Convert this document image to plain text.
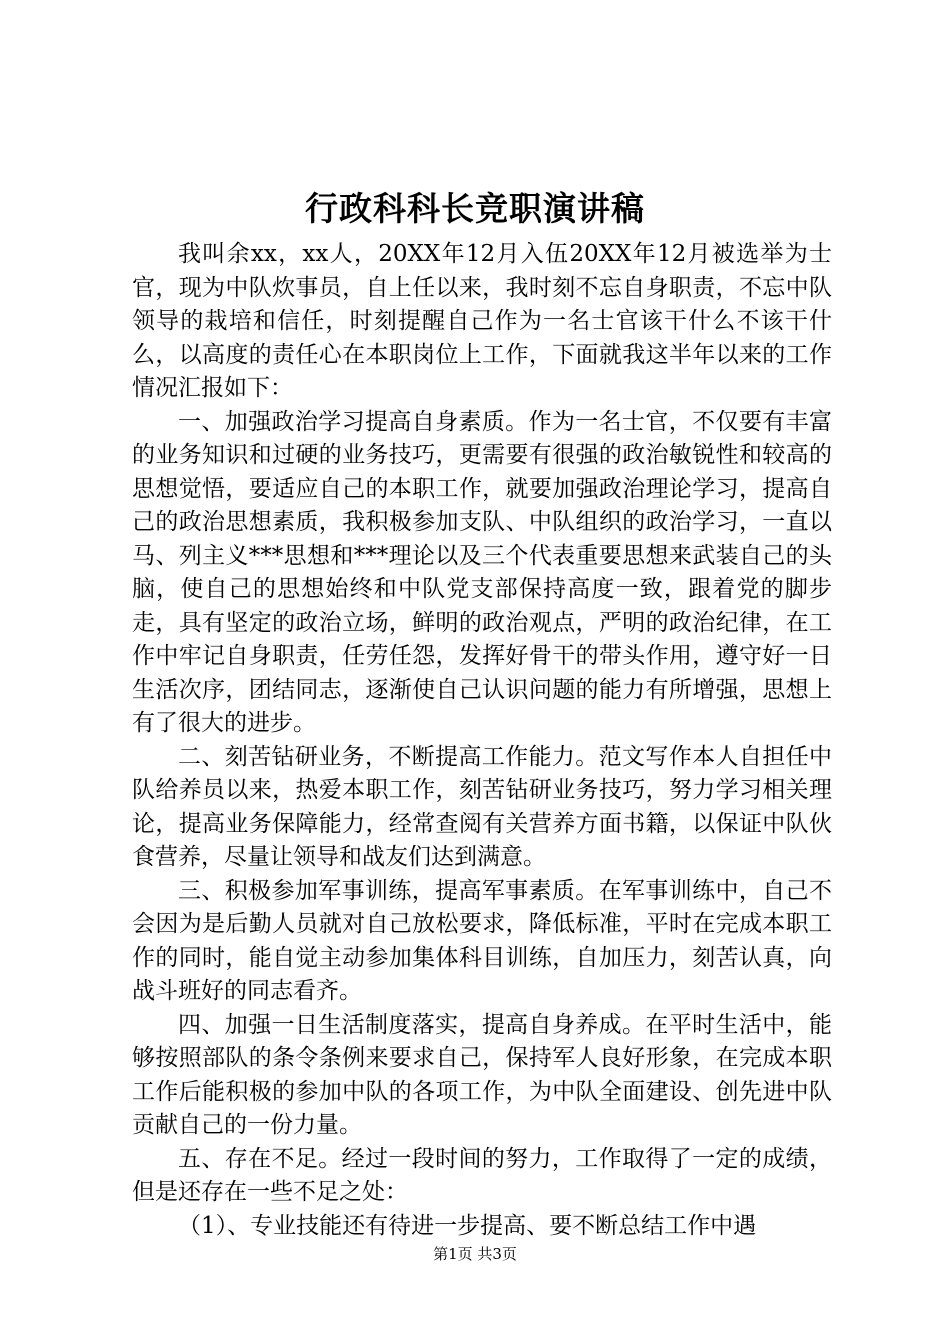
行政科科长竞职演讲稿

我叫余xx，xx人，20XX年12月入伍20XX年12月被选举为士官，现为中队炊事员，自上任以来，我时刻不忘自身职责，不忘中队领导的栽培和信任，时刻提醒自己作为一名士官该干什么不该干什么，以高度的责任心在本职岗位上工作，下面就我这半年以来的工作情况汇报如下：

一、加强政治学习提高自身素质。作为一名士官，不仅要有丰富的业务知识和过硬的业务技巧，更需要有很强的政治敏锐性和较高的思想觉悟，要适应自己的本职工作，就要加强政治理论学习，提高自己的政治思想素质，我积极参加支队、中队组织的政治学习，一直以马、列主义***思想和***理论以及三个代表重要思想来武装自己的头脑，使自己的思想始终和中队党支部保持高度一致，跟着党的脚步走，具有坚定的政治立场，鲜明的政治观点，严明的政治纪律，在工作中牢记自身职责，任劳任怨，发挥好骨干的带头作用，遵守好一日生活次序，团结同志，逐渐使自己认识问题的能力有所增强，思想上有了很大的进步。

二、刻苦钻研业务，不断提高工作能力。范文写作本人自担任中队给养员以来，热爱本职工作，刻苦钻研业务技巧，努力学习相关理论，提高业务保障能力，经常查阅有关营养方面书籍，以保证中队伙食营养，尽量让领导和战友们达到满意。

三、积极参加军事训练，提高军事素质。在军事训练中，自己不会因为是后勤人员就对自己放松要求，降低标准，平时在完成本职工作的同时，能自觉主动参加集体科目训练，自加压力，刻苦认真，向战斗班好的同志看齐。

四、加强一日生活制度落实，提高自身养成。在平时生活中，能够按照部队的条令条例来要求自己，保持军人良好形象，在完成本职工作后能积极的参加中队的各项工作，为中队全面建设、创先进中队贡献自己的一份力量。

五、存在不足。经过一段时间的努力，工作取得了一定的成绩，但是还存在一些不足之处：

（1）、专业技能还有待进一步提高、要不断总结工作中遇

第1页 共3页
